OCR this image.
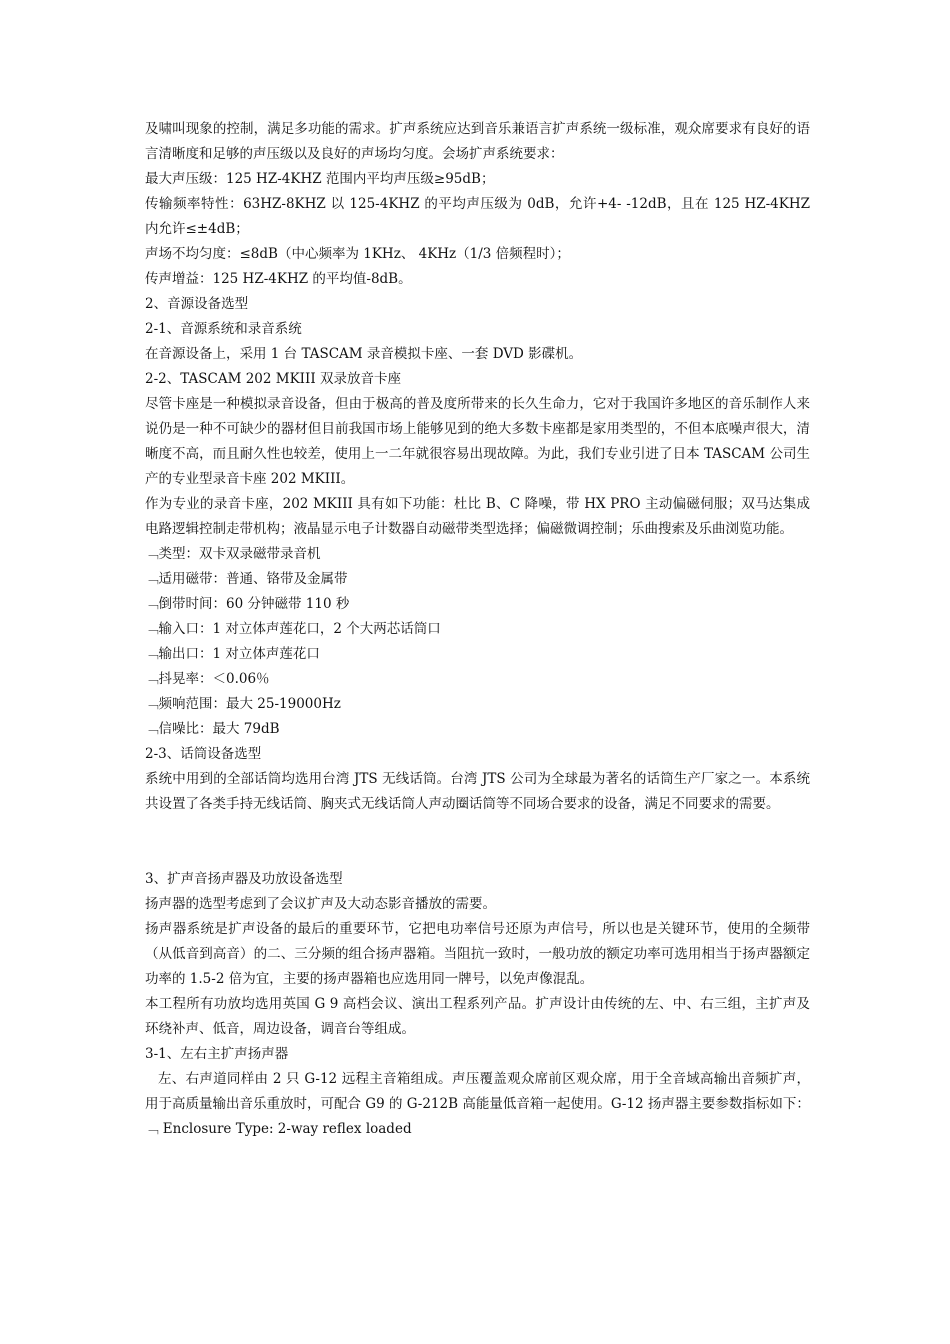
及啸叫现象的控制，满足多功能的需求。扩声系统应达到音乐兼语言扩声系统一级标准，观众席要求有良好的语言清晰度和足够的声压级以及良好的声场均匀度。会场扩声系统要求：

最大声压级：125 HZ-4KHZ 范围内平均声压级≥95dB；

传输频率特性：63HZ-8KHZ 以 125-4KHZ 的平均声压级为 0dB，允许+4- -12dB，且在 125 HZ-4KHZ 内允许≤±4dB；

声场不均匀度：≤8dB（中心频率为 1KHz、 4KHz（1/3 倍频程时）；

传声增益：125 HZ-4KHZ 的平均值-8dB。

2、音源设备选型

2-1、音源系统和录音系统

在音源设备上，采用 1 台 TASCAM 录音模拟卡座、一套 DVD 影碟机。

2-2、TASCAM 202 MKIII 双录放音卡座

尽管卡座是一种模拟录音设备，但由于极高的普及度所带来的长久生命力，它对于我国许多地区的音乐制作人来说仍是一种不可缺少的器材但目前我国市场上能够见到的绝大多数卡座都是家用类型的，不但本底噪声很大，清晰度不高，而且耐久性也较差，使用上一二年就很容易出现故障。为此，我们专业引进了日本 TASCAM 公司生产的专业型录音卡座 202 MKIII。

作为专业的录音卡座，202 MKIII 具有如下功能：杜比 B、C 降噪，带 HX PRO 主动偏磁伺服；双马达集成电路逻辑控制走带机构；液晶显示电子计数器自动磁带类型选择；偏磁微调控制；乐曲搜索及乐曲浏览功能。

﹁类型：双卡双录磁带录音机

﹁适用磁带：普通、铬带及金属带

﹁倒带时间：60 分钟磁带 110 秒

﹁输入口：1 对立体声莲花口，2 个大两芯话筒口

﹁输出口：1 对立体声莲花口

﹁抖晃率：＜0.06％

﹁频响范围：最大 25-19000Hz

﹁信噪比：最大 79dB

2-3、话筒设备选型

系统中用到的全部话筒均选用台湾 JTS 无线话筒。台湾 JTS 公司为全球最为著名的话筒生产厂家之一。本系统共设置了各类手持无线话筒、胸夹式无线话筒人声动圈话筒等不同场合要求的设备，满足不同要求的需要。

3、扩声音扬声器及功放设备选型

扬声器的选型考虑到了会议扩声及大动态影音播放的需要。

扬声器系统是扩声设备的最后的重要环节，它把电功率信号还原为声信号，所以也是关键环节，使用的全频带（从低音到高音）的二、三分频的组合扬声器箱。当阻抗一致时，一般功放的额定功率可选用相当于扬声器额定功率的 1.5-2 倍为宜，主要的扬声器箱也应选用同一牌号，以免声像混乱。

本工程所有功放均选用英国 G 9 高档会议、演出工程系列产品。扩声设计由传统的左、中、右三组，主扩声及环绕补声、低音，周边设备，调音台等组成。

3-1、左右主扩声扬声器

左、右声道同样由 2 只 G-12 远程主音箱组成。声压覆盖观众席前区观众席，用于全音域高输出音频扩声，用于高质量输出音乐重放时，可配合 G9 的 G-212B 高能量低音箱一起使用。G-12 扬声器主要参数指标如下：

﹁ Enclosure Type: 2-way reflex loaded
